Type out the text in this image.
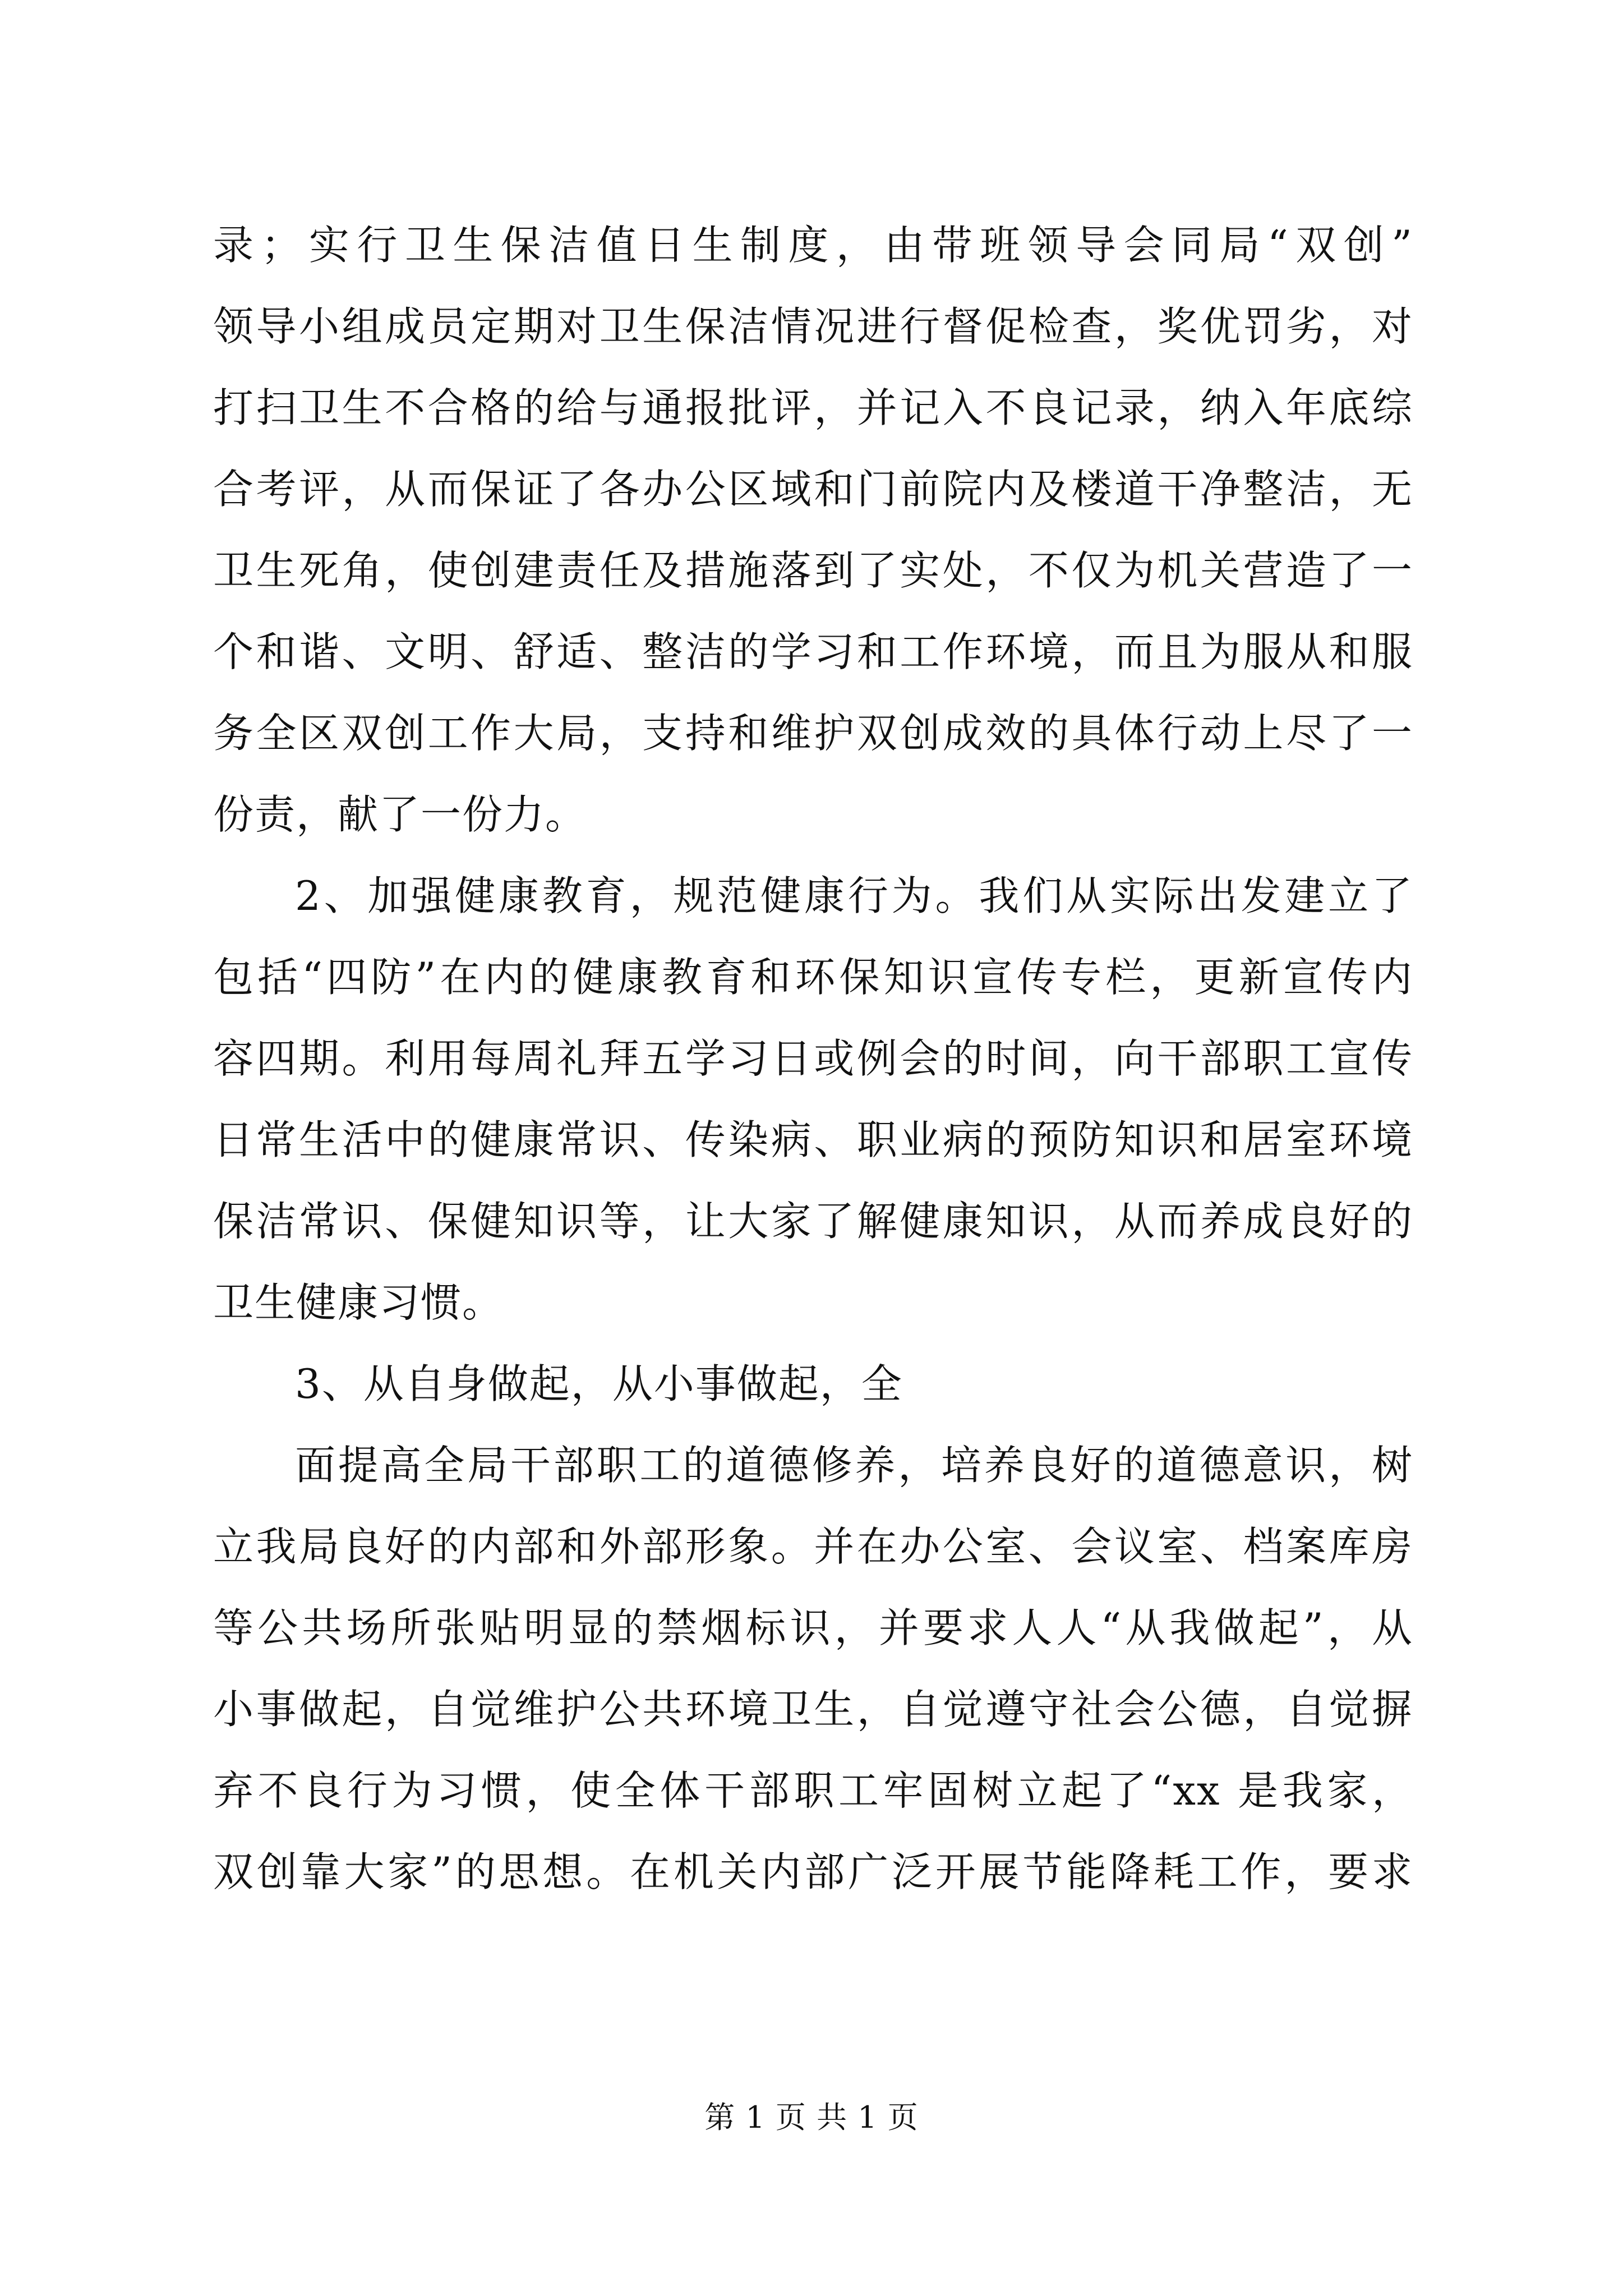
录；实行卫生保洁值日生制度，由带班领导会同局“双创”
领导小组成员定期对卫生保洁情况进行督促检查，奖优罚劣，对
打扫卫生不合格的给与通报批评，并记入不良记录，纳入年底综
合考评，从而保证了各办公区域和门前院内及楼道干净整洁，无
卫生死角，使创建责任及措施落到了实处，不仅为机关营造了一
个和谐、文明、舒适、整洁的学习和工作环境，而且为服从和服
务全区双创工作大局，支持和维护双创成效的具体行动上尽了一
份责，献了一份力。
2、加强健康教育，规范健康行为。我们从实际出发建立了
包括“四防”在内的健康教育和环保知识宣传专栏，更新宣传内
容四期。利用每周礼拜五学习日或例会的时间，向干部职工宣传
日常生活中的健康常识、传染病、职业病的预防知识和居室环境
保洁常识、保健知识等，让大家了解健康知识，从而养成良好的
卫生健康习惯。
3、从自身做起，从小事做起，全
面提高全局干部职工的道德修养，培养良好的道德意识，树
立我局良好的内部和外部形象。并在办公室、会议室、档案库房
等公共场所张贴明显的禁烟标识，并要求人人“从我做起”，从
小事做起，自觉维护公共环境卫生，自觉遵守社会公德，自觉摒
弃不良行为习惯，使全体干部职工牢固树立起了“xx 是我家，
双创靠大家”的思想。在机关内部广泛开展节能降耗工作，要求
第 1 页 共 1 页
